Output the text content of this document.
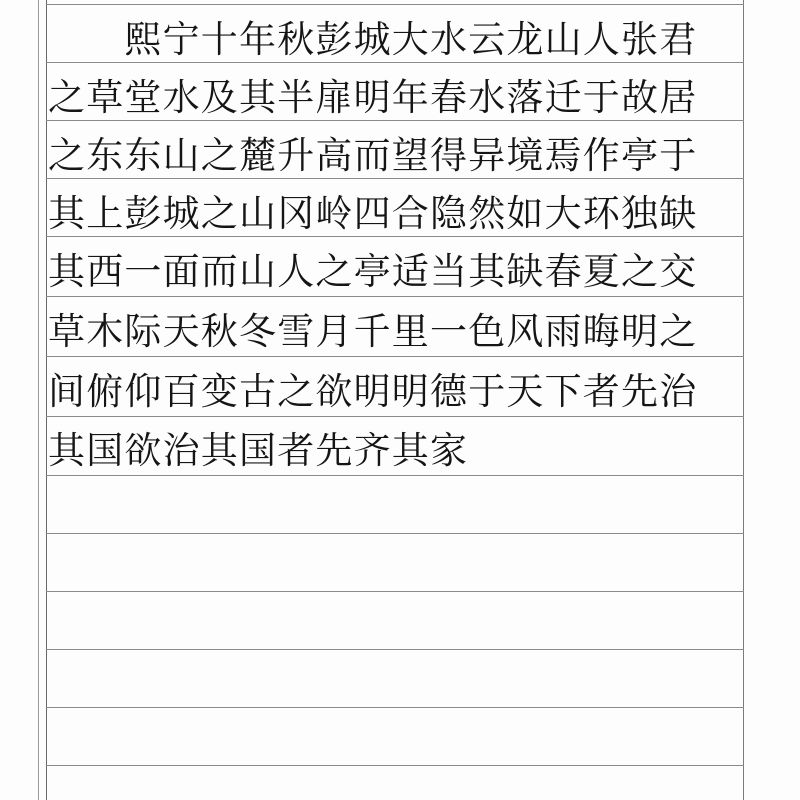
　　熙宁十年秋彭城大水云龙山人张君
之草堂水及其半扉明年春水落迁于故居
之东东山之麓升高而望得异境焉作亭于
其上彭城之山冈岭四合隐然如大环独缺
其西一面而山人之亭适当其缺春夏之交
草木际天秋冬雪月千里一色风雨晦明之
间俯仰百变古之欲明明德于天下者先治
其国欲治其国者先齐其家
